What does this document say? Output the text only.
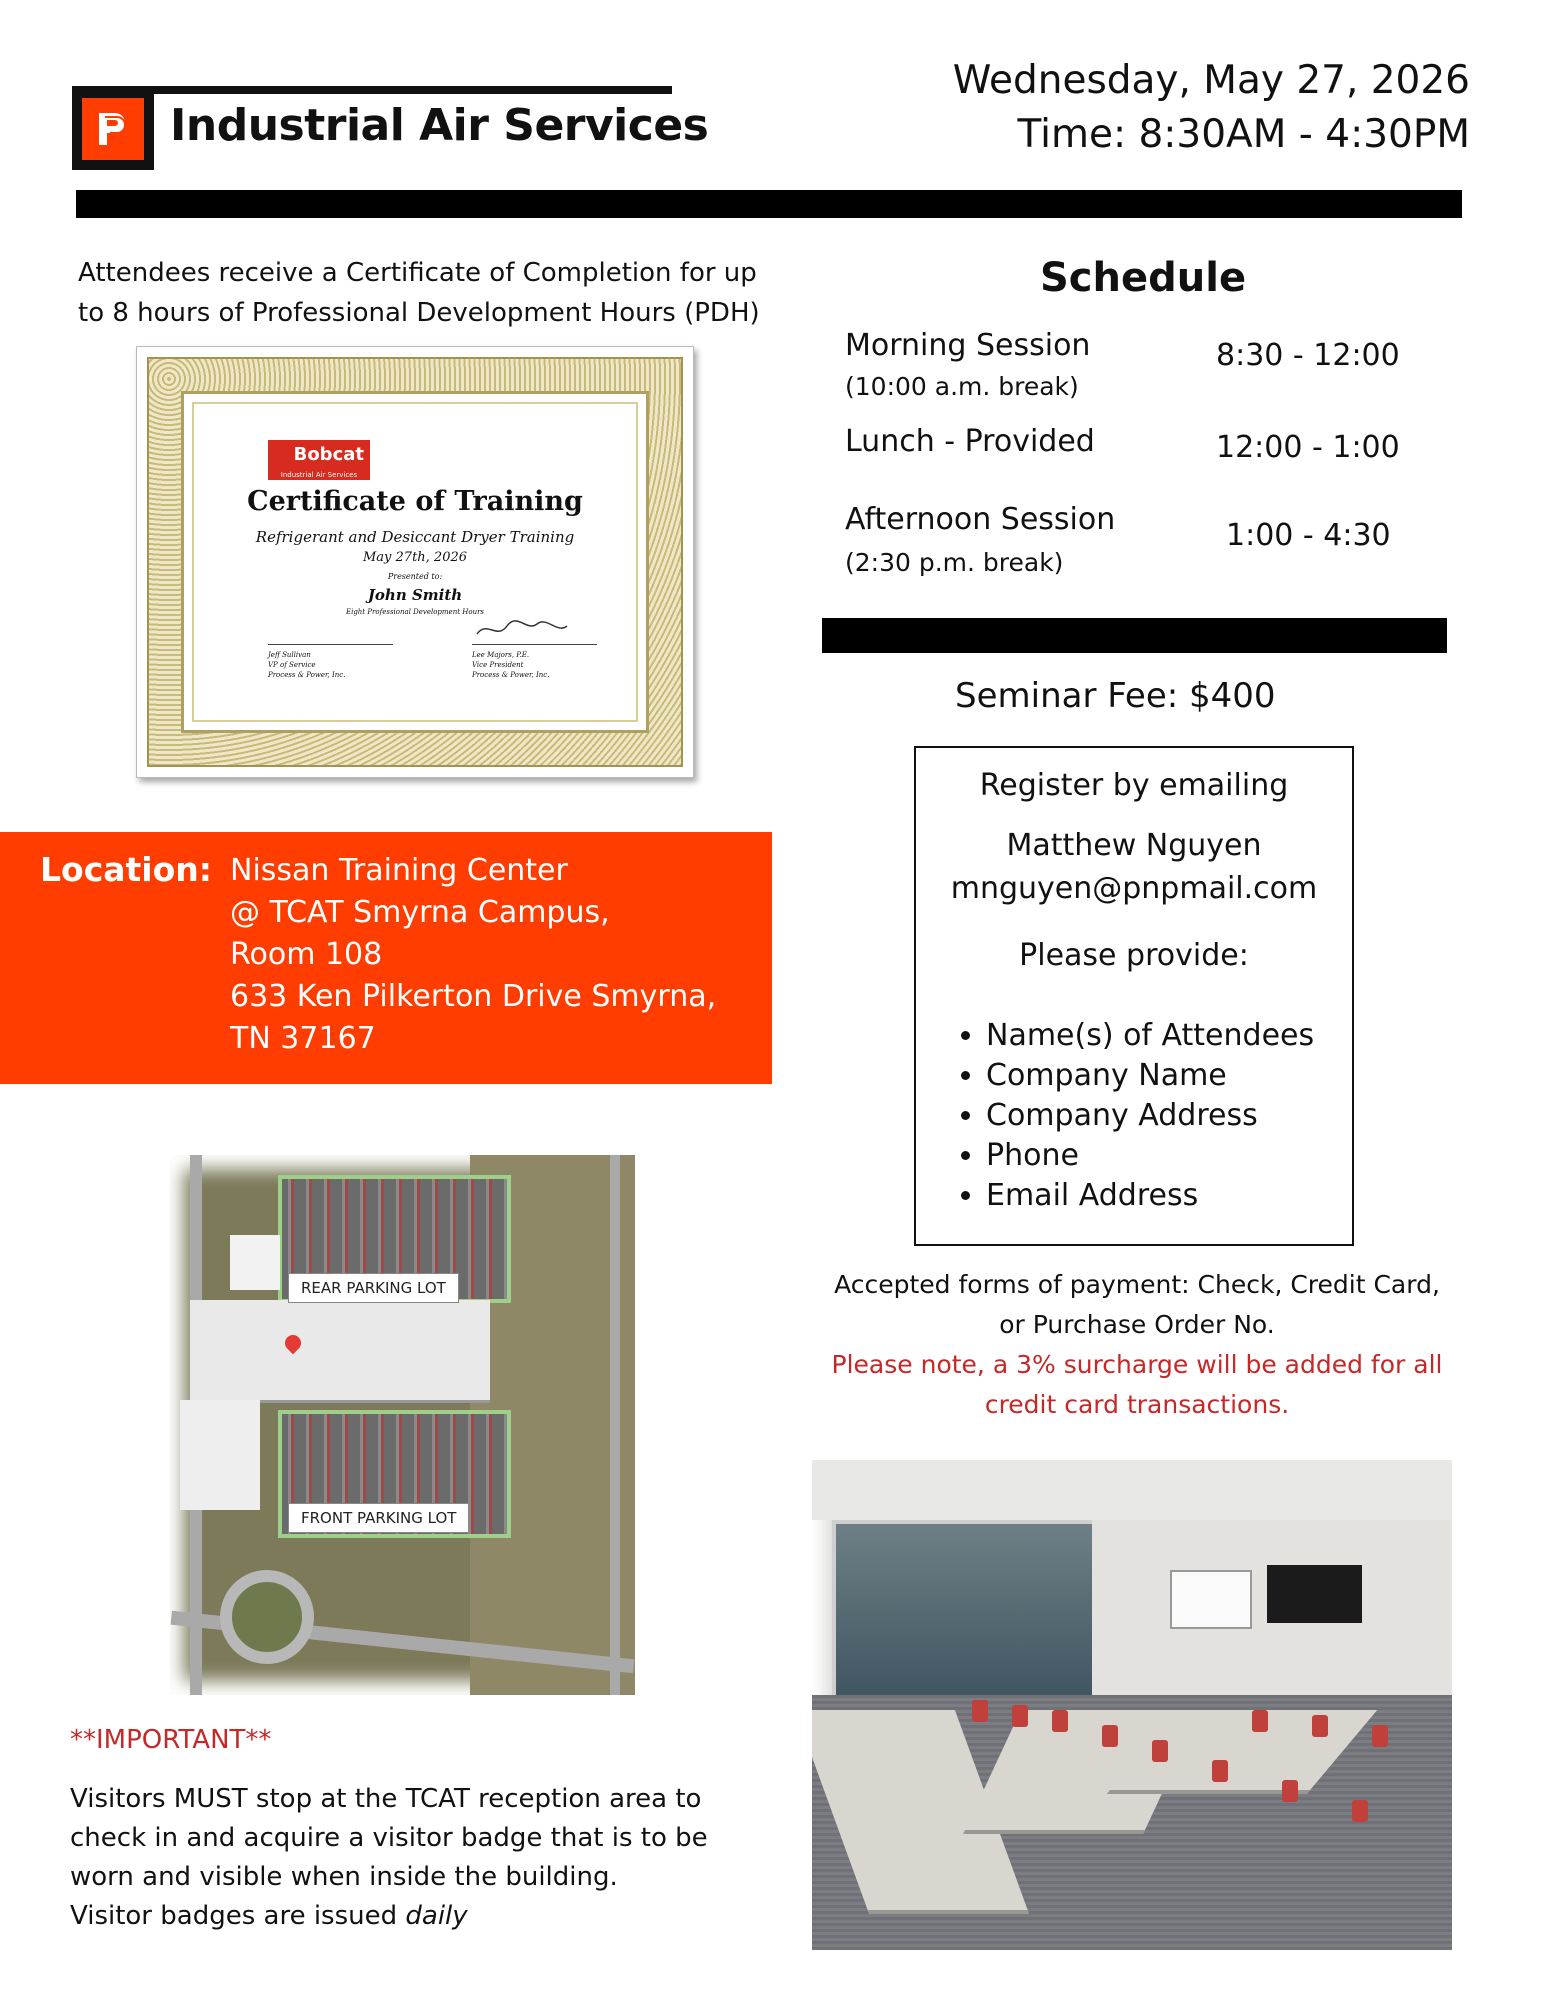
Industrial Air Services
Wednesday, May 27, 2026
Time: 8:30AM - 4:30PM
Attendees receive a Certificate of Completion for up to 8 hours of Professional Development Hours (PDH)
Bobcat
Industrial Air Services
Certificate of Training
Refrigerant and Desiccant Dryer Training
May 27th, 2026
Presented to:
John Smith
Eight Professional Development Hours
Jeff Sullivan
VP of Service
Process & Power, Inc.
Lee Majors, P.E.
Vice President
Process & Power, Inc.
Location: Nissan Training Center
@ TCAT Smyrna Campus,
Room 108
633 Ken Pilkerton Drive Smyrna,
TN 37167
REAR PARKING LOT
FRONT PARKING LOT
**IMPORTANT**
Visitors MUST stop at the TCAT reception area to check in and acquire a visitor badge that is to be worn and visible when inside the building.
Visitor badges are issued daily
Schedule
Morning Session
(10:00 a.m. break)
8:30 - 12:00
Lunch - Provided	12:00 - 1:00
Afternoon Session
(2:30 p.m. break)
1:00 - 4:30
Seminar Fee: $400
Register by emailing
Matthew Nguyen
mnguyen@pnpmail.com
Please provide:
• Name(s) of Attendees
• Company Name
• Company Address
• Phone
• Email Address
Accepted forms of payment: Check, Credit Card, or Purchase Order No.
Please note, a 3% surcharge will be added for all credit card transactions.
